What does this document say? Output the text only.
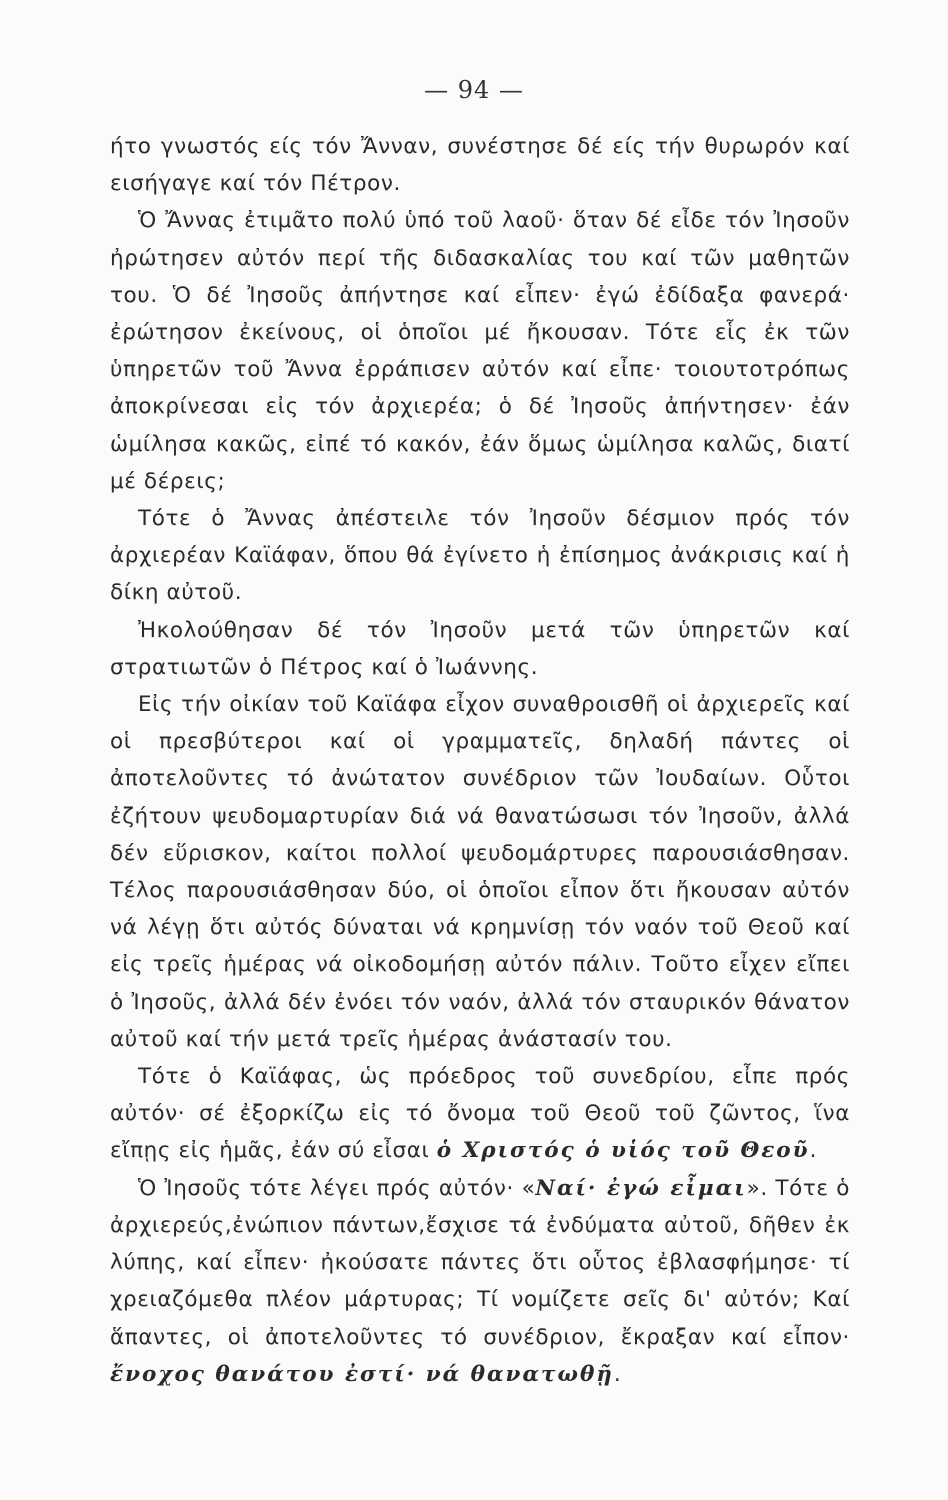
— 94 —

ήτο γνωστός είς τόν Ἄνναν, συνέστησε δέ είς τήν θυρωρόν καί εισήγαγε καί τόν Πέτρον.

Ὁ Ἄννας ἐτιμᾶτο πολύ ὑπό τοῦ λαοῦ· ὅταν δέ εἶδε τόν Ἰησοῦν ἠρώτησεν αὐτόν περί τῆς διδασκαλίας του καί τῶν μαθητῶν του. Ὁ δέ Ἰησοῦς ἀπήντησε καί εἶπεν· ἐγώ ἐδίδαξα φανερά· ἐρώτησον ἐκείνους, οἱ ὁποῖοι μέ ἤκουσαν. Τότε εἷς ἐκ τῶν ὑπηρετῶν τοῦ Ἄννα ἐρράπισεν αὐτόν καί εἶπε· τοιουτοτρόπως ἀποκρίνεσαι εἰς τόν ἀρχιερέα; ὁ δέ Ἰησοῦς ἀπήντησεν· ἐάν ὡμίλησα κακῶς, εἰπέ τό κακόν, ἐάν ὅμως ὡμίλησα καλῶς, διατί μέ δέρεις;

Τότε ὁ Ἄννας ἀπέστειλε τόν Ἰησοῦν δέσμιον πρός τόν ἀρχιερέαν Καϊάφαν, ὅπου θά ἐγίνετο ἡ ἐπίσημος ἀνάκρισις καί ἡ δίκη αὐτοῦ.

Ἠκολούθησαν δέ τόν Ἰησοῦν μετά τῶν ὑπηρετῶν καί στρατιωτῶν ὁ Πέτρος καί ὁ Ἰωάννης.

Εἰς τήν οἰκίαν τοῦ Καϊάφα εἶχον συναθροισθῆ οἱ ἀρχιερεῖς καί οἱ πρεσβύτεροι καί οἱ γραμματεῖς, δηλαδή πάντες οἱ ἀποτελοῦντες τό ἀνώτατον συνέδριον τῶν Ἰουδαίων. Οὗτοι ἐζήτουν ψευδομαρτυρίαν διά νά θανατώσωσι τόν Ἰησοῦν, ἀλλά δέν εὕρισκον, καίτοι πολλοί ψευδομάρτυρες παρουσιάσθησαν. Τέλος παρουσιάσθησαν δύο, οἱ ὁποῖοι εἶπον ὅτι ἤκουσαν αὐτόν νά λέγῃ ὅτι αὐτός δύναται νά κρημνίσῃ τόν ναόν τοῦ Θεοῦ καί εἰς τρεῖς ἡμέρας νά οἰκοδομήσῃ αὐτόν πάλιν. Τοῦτο εἶχεν εἴπει ὁ Ἰησοῦς, ἀλλά δέν ἐνόει τόν ναόν, ἀλλά τόν σταυρικόν θάνατον αὐτοῦ καί τήν μετά τρεῖς ἡμέρας ἀνάστασίν του.

Τότε ὁ Καϊάφας, ὡς πρόεδρος τοῦ συνεδρίου, εἶπε πρός αὐτόν· σέ ἐξορκίζω εἰς τό ὄνομα τοῦ Θεοῦ τοῦ ζῶντος, ἵνα εἴπῃς εἰς ἡμᾶς, ἐάν σύ εἶσαι ὁ Χριστός ὁ υἱός τοῦ Θεοῦ.

Ὁ Ἰησοῦς τότε λέγει πρός αὐτόν· «Ναί· ἐγώ εἶμαι». Τότε ὁ ἀρχιερεύς,ἐνώπιον πάντων,ἔσχισε τά ἐνδύματα αὐτοῦ, δῆθεν ἐκ λύπης, καί εἶπεν· ἠκούσατε πάντες ὅτι οὗτος ἐβλασφήμησε· τί χρειαζόμεθα πλέον μάρτυρας; Τί νομίζετε σεῖς δι' αὐτόν; Καί ἅπαντες, οἱ ἀποτελοῦντες τό συνέδριον, ἔκραξαν καί εἶπον· ἔνοχος θανάτου ἐστί· νά θανατωθῇ.
